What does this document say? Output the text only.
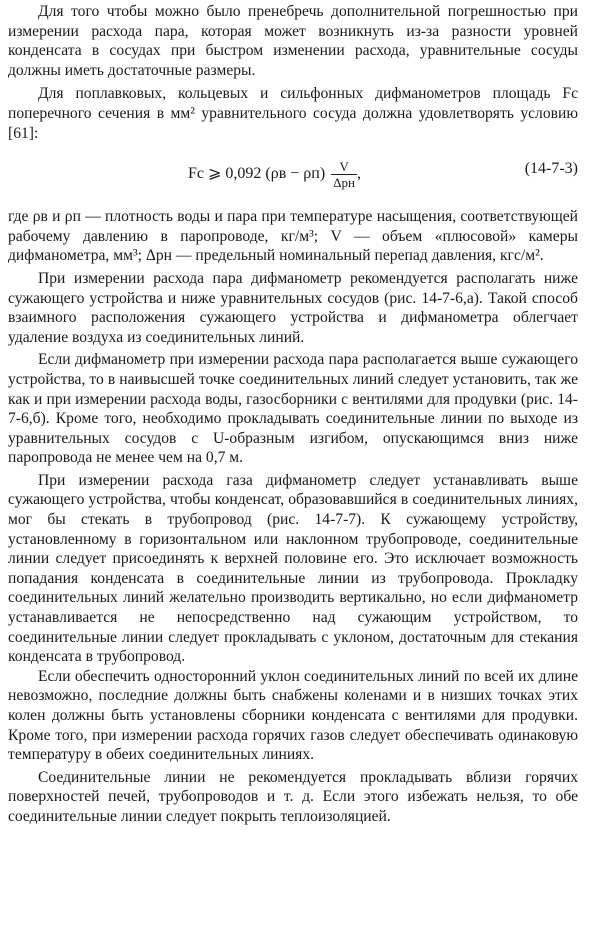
Для того чтобы можно было пренебречь дополнительной погрешностью при измерении расхода пара, которая может возникнуть из-за разности уровней конденсата в сосудах при быстром изменении расхода, уравнительные сосуды должны иметь достаточные размеры.

Для поплавковых, кольцевых и сильфонных дифманометров площадь Fс поперечного сечения в мм² уравнительного сосуда должна удовлетворять условию [61]:

Fс ⩾ 0,092 $(\rho в - \rho п) \frac{V}{\text{Δpн}}$ ,	(14-7-3)

где ρв и ρп — плотность воды и пара при температуре насыщения, соответствующей рабочему давлению в паропроводе, кг/м³; V — объем «плюсовой» камеры дифманометра, мм³; Δpн — предельный номинальный перепад давления, кгс/м².

При измерении расхода пара дифманометр рекомендуется располагать ниже сужающего устройства и ниже уравнительных сосудов (рис. 14-7-6,а). Такой способ взаимного расположения сужающего устройства и дифманометра облегчает удаление воздуха из соединительных линий.

Если дифманометр при измерении расхода пара располагается выше сужающего устройства, то в наивысшей точке соединительных линий следует установить, так же как и при измерении расхода воды, газосборники с вентилями для продувки (рис. 14-7-6,б). Кроме того, необходимо прокладывать соединительные линии по выходе из уравнительных сосудов с U-образным изгибом, опускающимся вниз ниже паропровода не менее чем на 0,7 м.

При измерении расхода газа дифманометр следует устанавливать выше сужающего устройства, чтобы конденсат, образовавшийся в соединительных линиях, мог бы стекать в трубопровод (рис. 14-7-7). К сужающему устройству, установленному в горизонтальном или наклонном трубопроводе, соединительные линии следует присоединять к верхней половине его. Это исключает возможность попадания конденсата в соединительные линии из трубопровода. Прокладку соединительных линий желательно производить вертикально, но если дифманометр устанавливается не непосредственно над сужающим устройством, то соединительные линии следует прокладывать с уклоном, достаточным для стекания конденсата в трубопровод.

Если обеспечить односторонний уклон соединительных линий по всей их длине невозможно, последние должны быть снабжены коленами и в низших точках этих колен должны быть установлены сборники конденсата с вентилями для продувки. Кроме того, при измерении расхода горячих газов следует обеспечивать одинаковую температуру в обеих соединительных линиях.

Соединительные линии не рекомендуется прокладывать вблизи горячих поверхностей печей, трубопроводов и т. д. Если этого избежать нельзя, то обе соединительные линии следует покрыть теплоизоляцией.
